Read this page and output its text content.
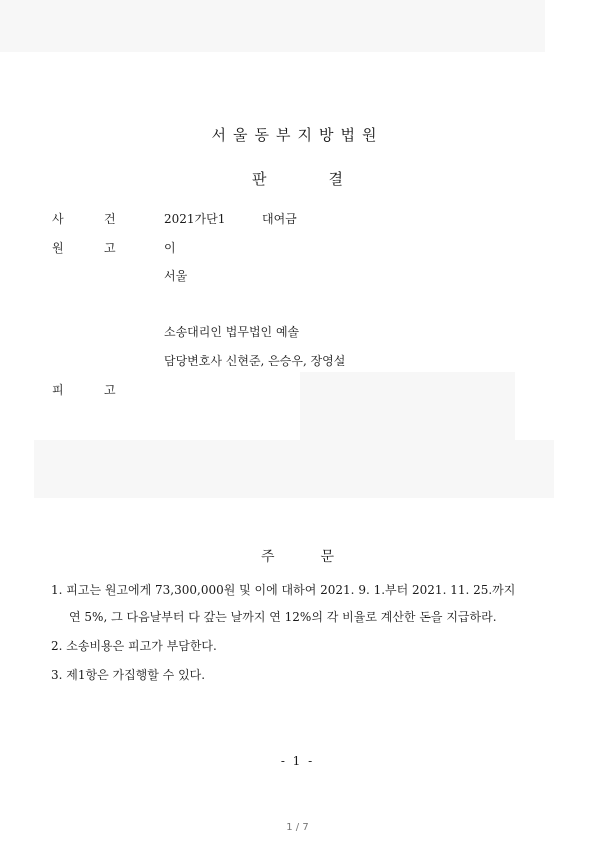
서울동부지방법원
판	결
사	건	2021가단1	대여금
원	고	이
서울
소송대리인 법무법인 예솔
담당변호사 신현준, 은승우, 장영설
피	고
주	문
1. 피고는 원고에게 73,300,000원 및 이에 대하여 2021. 9. 1.부터 2021. 11. 25.까지
연 5%, 그 다음날부터 다 갚는 날까지 연 12%의 각 비율로 계산한 돈을 지급하라.
2. 소송비용은 피고가 부담한다.
3. 제1항은 가집행할 수 있다.
- 1 -
1 / 7
